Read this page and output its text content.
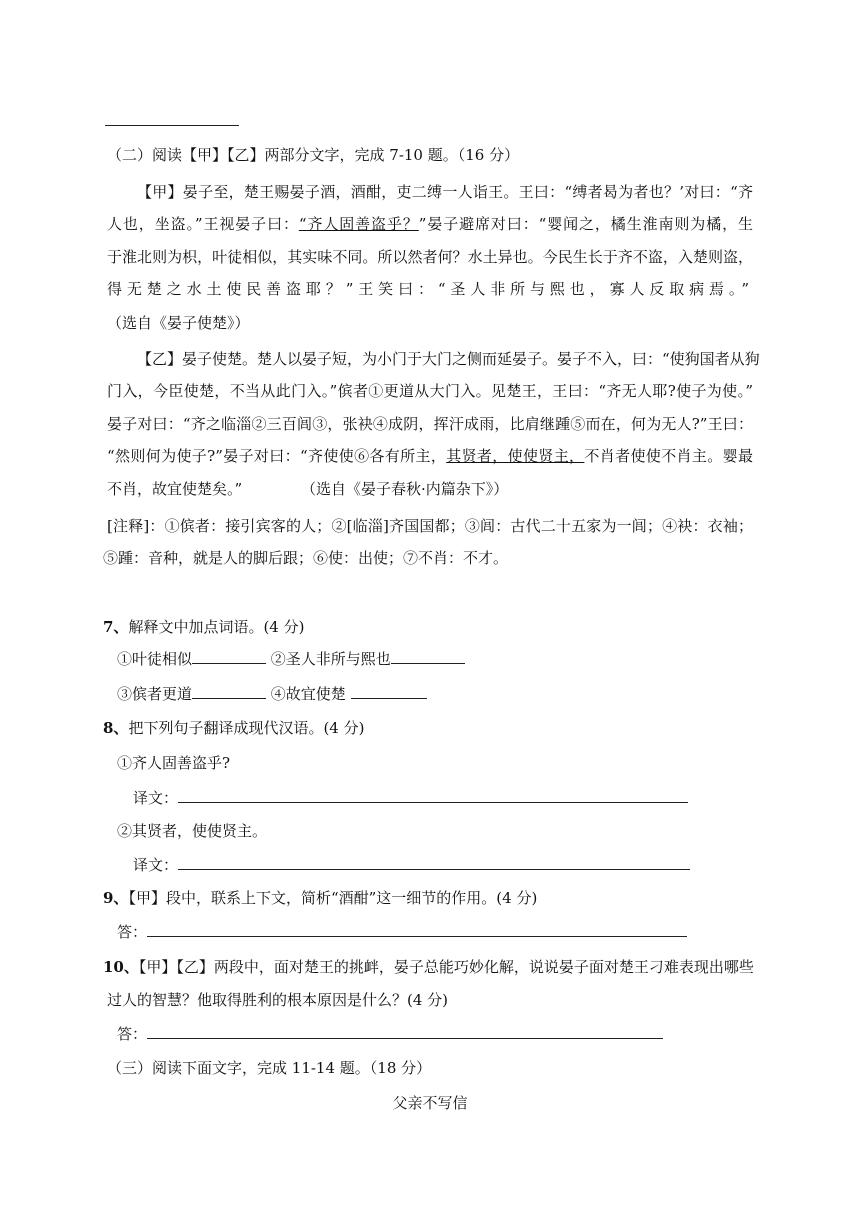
（二）阅读【甲】【乙】两部分文字，完成 7-10 题。（16 分）
【甲】晏子至，楚王赐晏子酒，酒酣，吏二缚一人诣王。王曰：“缚者曷为者也？’对曰：“齐
人也，坐盗。”王视晏子曰：“齐人固善盗乎？”晏子避席对曰：“婴闻之，橘生淮南则为橘，生
于淮北则为枳，叶徒相似，其实味不同。所以然者何？水土异也。今民生长于齐不盗，入楚则盗，
得无楚之水土使民善盗耶？”王笑曰：“圣人非所与熙也，寡人反取病焉。”
（选自《晏子使楚》）
【乙】晏子使楚。楚人以晏子短，为小门于大门之侧而延晏子。晏子不入，曰：“使狗国者从狗
门入，今臣使楚，不当从此门入。”傧者①更道从大门入。见楚王，王曰：“齐无人耶?使子为使。”
晏子对曰：“齐之临淄②三百闾③，张袂④成阴，挥汗成雨，比肩继踵⑤而在，何为无人?”王曰：
“然则何为使子?”晏子对曰：“齐使使⑥各有所主，其贤者，使使贤主，不肖者使使不肖主。婴最
不肖，故宜使楚矣。”	（选自《晏子春秋·内篇杂下》）
[注释]：①傧者：接引宾客的人；②[临淄]齐国国都；③闾：古代二十五家为一闾；④袂：衣袖；
⑤踵：音种，就是人的脚后跟；⑥使：出使；⑦不肖：不才。
7、解释文中加点词语。(4 分)
①叶徒相似	②圣人非所与熙也
③傧者更道	④故宜使楚
8、把下列句子翻译成现代汉语。(4 分)
①齐人固善盗乎?
译文：
②其贤者，使使贤主。
译文：
9、【甲】段中，联系上下文，简析“酒酣”这一细节的作用。(4 分)
答：
10、【甲】【乙】两段中，面对楚王的挑衅，晏子总能巧妙化解，说说晏子面对楚王刁难表现出哪些
过人的智慧？他取得胜利的根本原因是什么？(4 分)
答：
（三）阅读下面文字，完成 11-14 题。（18 分）
父亲不写信
